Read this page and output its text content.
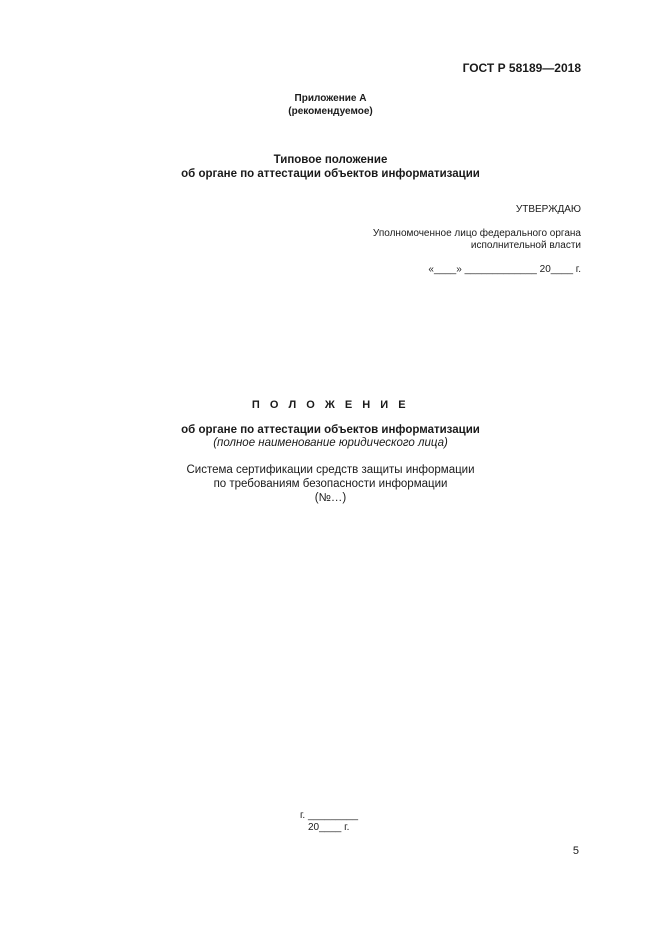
ГОСТ Р 58189—2018
Приложение А
(рекомендуемое)
Типовое положение
об органе по аттестации объектов информатизации
УТВЕРЖДАЮ
Уполномоченное лицо федерального органа
исполнительной власти
«____» _____________ 20____ г.
П О Л О Ж Е Н И Е
об органе по аттестации объектов информатизации
(полное наименование юридического лица)
Система сертификации средств защиты информации
по требованиям безопасности информации
(№…)
г. _________
20____ г.
5
